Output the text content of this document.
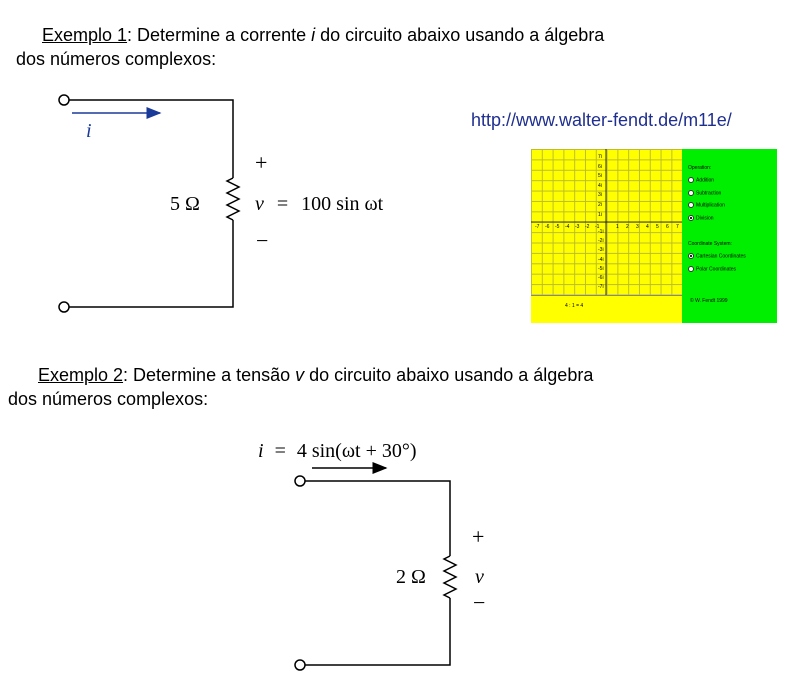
Exemplo 1: Determine a corrente i do circuito abaixo usando a álgebra
dos números complexos:
i
+
5 Ω	v = 100 sin ωt
−
http://www.walter-fendt.de/m11e/
7i
6i
5i
4i
3i
2i
1i
-1i
-2i
-3i
-4i
-5i
-6i
-7i
-7 -6 -5 -4 -3 -2 -1	1 2 3 4 5 6 7
4 : 1 = 4
Operation:
Addition
Subtraction
Multiplication
Division
Coordinate System:
Cartesian Coordinates
Polar Coordinates
© W. Fendt 1999
Exemplo 2: Determine a tensão v do circuito abaixo usando a álgebra
dos números complexos:
i = 4 sin(ωt + 30°)
+
2 Ω v
−
